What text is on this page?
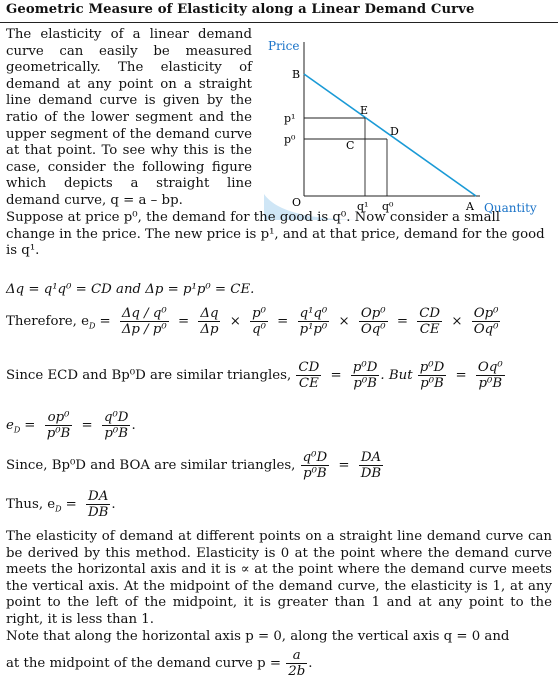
Geometric Measure of Elasticity along a Linear Demand Curve
The elasticity of a linear demand curve can easily be measured geometrically. The elasticity of demand at any point on a straight line demand curve is given by the ratio of the lower segment and the upper segment of the demand curve at that point. To see why this is the case, consider the following figure which depicts a straight line demand curve, q = a – bp.
Price
Quantity
B
p¹
p⁰
E
D
C
O	q¹ q⁰	A
Suppose at price p⁰, the demand for the good is q⁰. Now consider a small change in the price. The new price is p¹, and at that price, demand for the good is q¹.
Δq = q¹q⁰ = CD and Δp = p¹p⁰ = CE.
Therefore, $e_D = \frac{\text{Δq / q⁰}}{\text{Δp / p⁰}} = \frac{\Delta q}{\Delta p} \times \frac{\text{p⁰}}{\text{q⁰}} = \frac{\text{q¹q⁰}}{\text{p¹p⁰}} \times \frac{\text{Op⁰}}{\text{Oq⁰}} = \frac{CD}{CE} \times \frac{\text{Op⁰}}{\text{Oq⁰}}$
Since ECD and Bp⁰D are similar triangles, $\frac{CD}{CE} = \frac{\text{p⁰D}}{\text{p⁰B}}$ . But $\frac{\text{p⁰D}}{\text{p⁰B}} = \frac{\text{Oq⁰}}{\text{p⁰B}}$
$e_D = \frac{\text{op⁰}}{\text{p⁰B}} = \frac{\text{q⁰D}}{\text{p⁰B}}$ .
Since, Bp⁰D and BOA are similar triangles, $\frac{\text{q⁰D}}{\text{p⁰B}} = \frac{DA}{DB}$
Thus, $e_D = \frac{DA}{DB}$ .
The elasticity of demand at different points on a straight line demand curve can be derived by this method. Elasticity is 0 at the point where the demand curve meets the horizontal axis and it is ∝ at the point where the demand curve meets the vertical axis. At the midpoint of the demand curve, the elasticity is 1, at any point to the left of the midpoint, it is greater than 1 and at any point to the right, it is less than 1.
Note that along the horizontal axis p = 0, along the vertical axis q = 0 and
at the midpoint of the demand curve $p = \frac{a}{2b}$ .
